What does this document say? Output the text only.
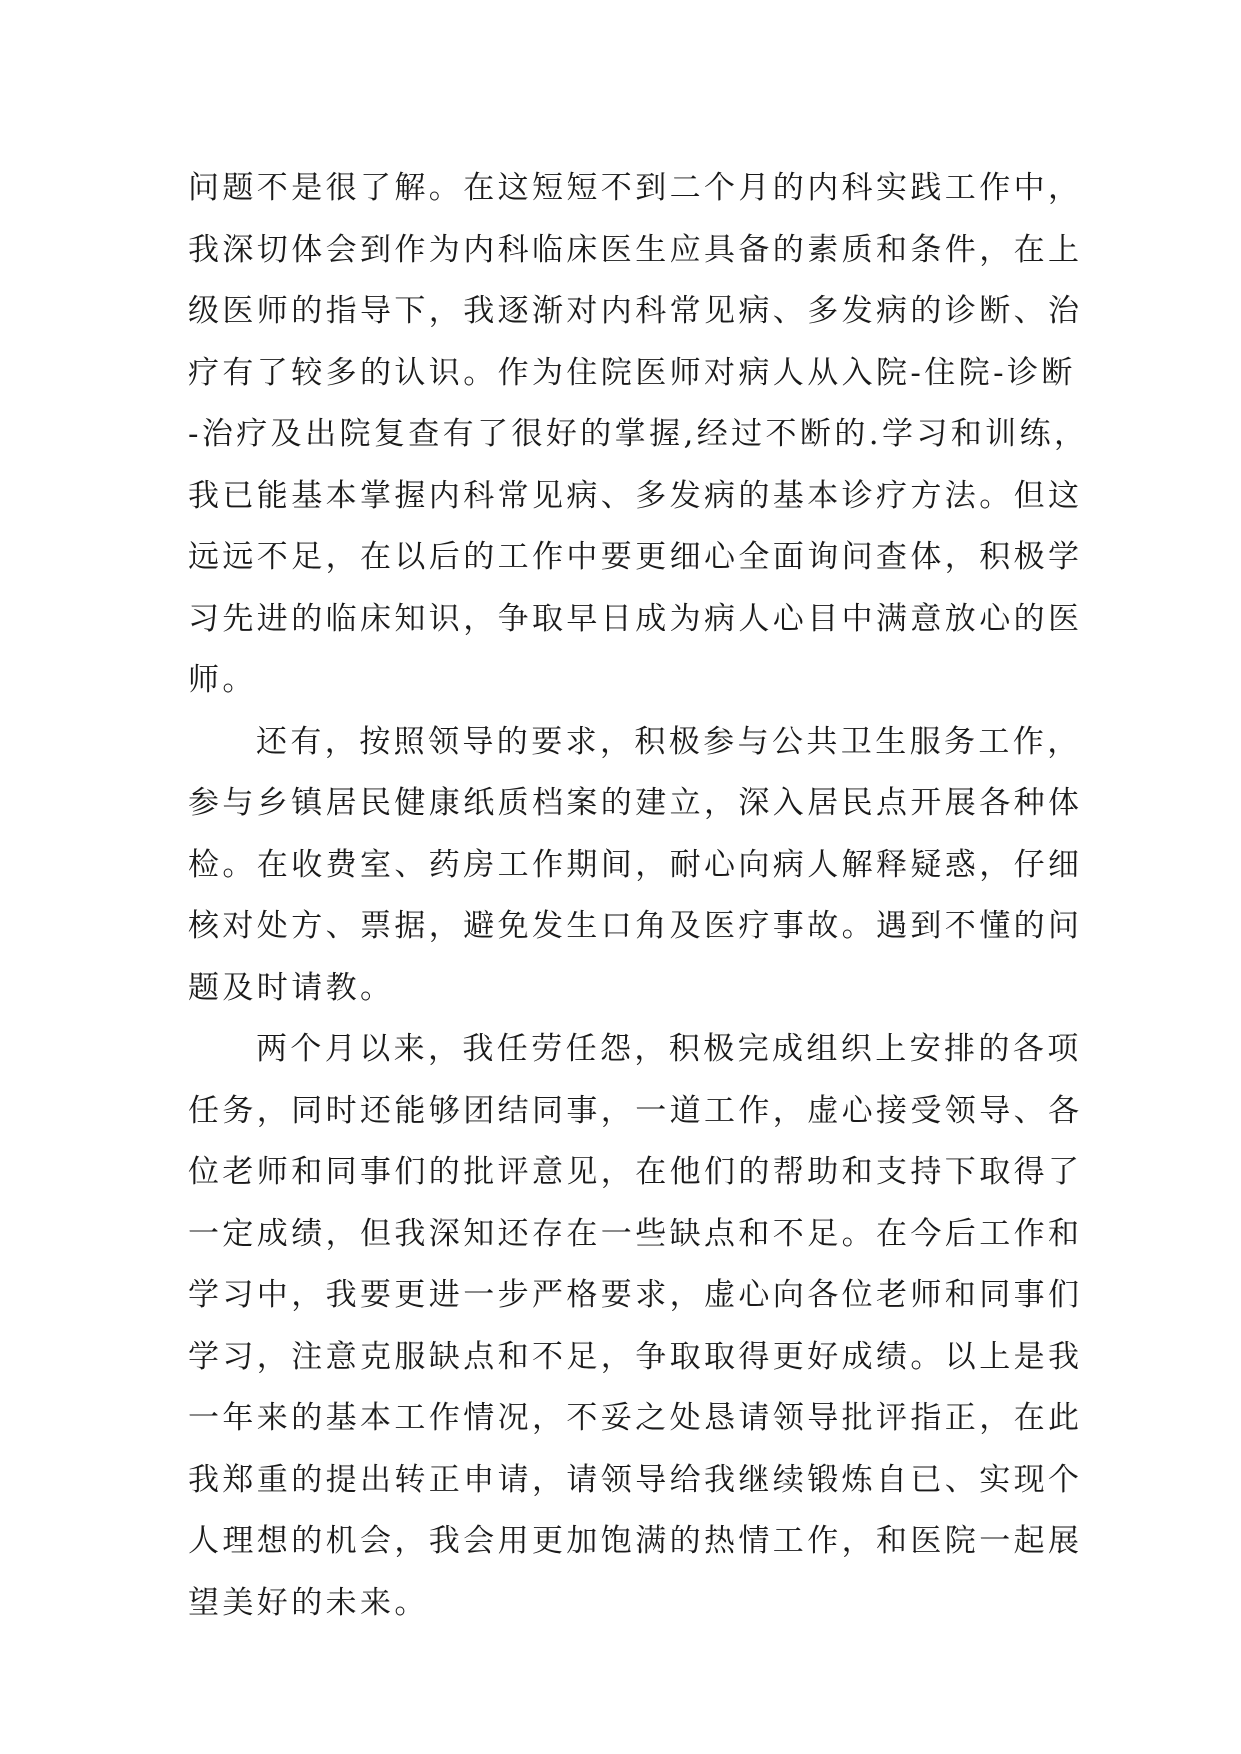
问题不是很了解。在这短短不到二个月的内科实践工作中，
我深切体会到作为内科临床医生应具备的素质和条件，在上
级医师的指导下，我逐渐对内科常见病、多发病的诊断、治
疗有了较多的认识。作为住院医师对病人从入院-住院-诊断
-治疗及出院复查有了很好的掌握,经过不断的.学习和训练，
我已能基本掌握内科常见病、多发病的基本诊疗方法。但这
远远不足，在以后的工作中要更细心全面询问查体，积极学
习先进的临床知识，争取早日成为病人心目中满意放心的医
师。
还有，按照领导的要求，积极参与公共卫生服务工作，
参与乡镇居民健康纸质档案的建立，深入居民点开展各种体
检。在收费室、药房工作期间，耐心向病人解释疑惑，仔细
核对处方、票据，避免发生口角及医疗事故。遇到不懂的问
题及时请教。
两个月以来，我任劳任怨，积极完成组织上安排的各项
任务，同时还能够团结同事，一道工作，虚心接受领导、各
位老师和同事们的批评意见，在他们的帮助和支持下取得了
一定成绩，但我深知还存在一些缺点和不足。在今后工作和
学习中，我要更进一步严格要求，虚心向各位老师和同事们
学习，注意克服缺点和不足，争取取得更好成绩。以上是我
一年来的基本工作情况，不妥之处恳请领导批评指正，在此
我郑重的提出转正申请，请领导给我继续锻炼自已、实现个
人理想的机会，我会用更加饱满的热情工作，和医院一起展
望美好的未来。
